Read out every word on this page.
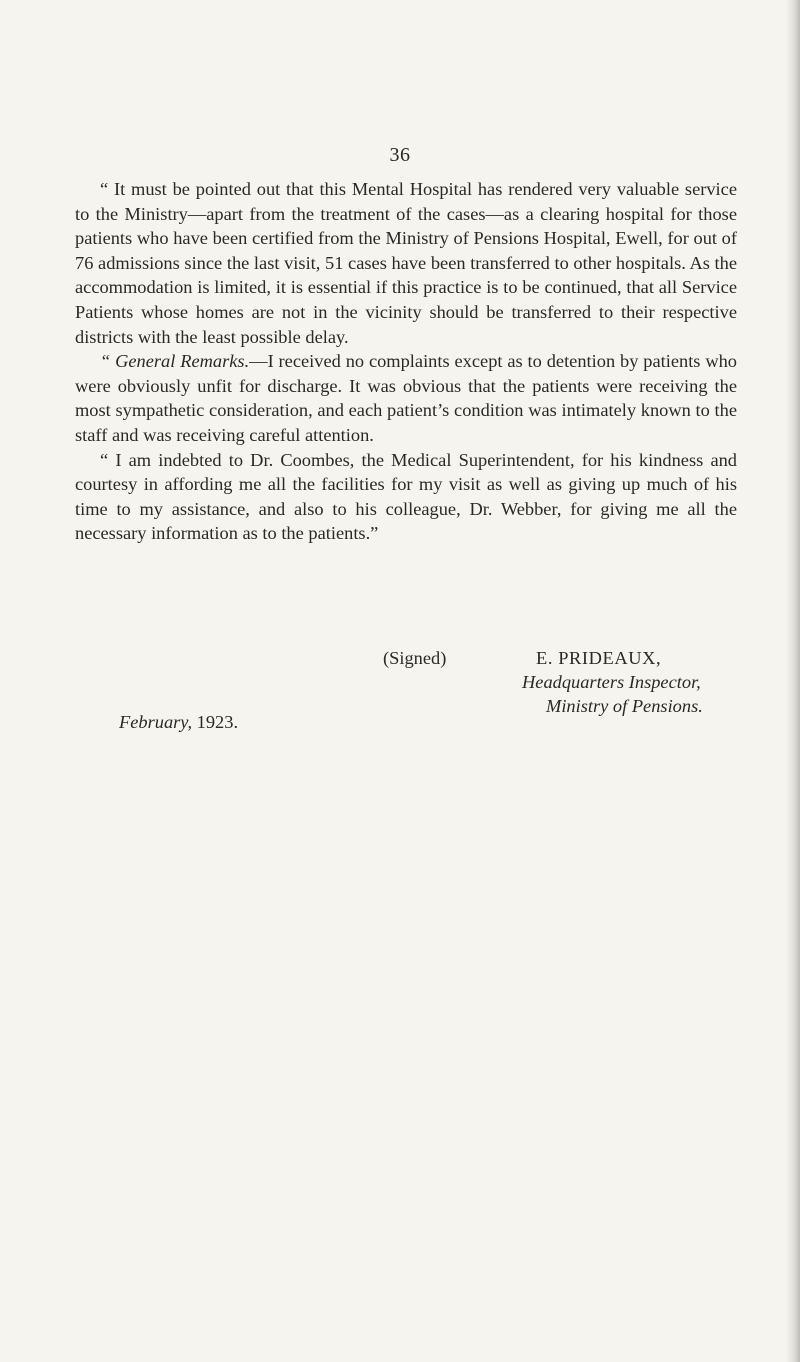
36

“ It must be pointed out that this Mental Hospital has rendered very valuable service to the Ministry—apart from the treatment of the cases—as a clearing hospital for those patients who have been certified from the Ministry of Pensions Hospital, Ewell, for out of 76 admissions since the last visit, 51 cases have been transferred to other hospitals. As the accommodation is limited, it is essential if this practice is to be continued, that all Service Patients whose homes are not in the vicinity should be transferred to their respective districts with the least possible delay.

“ General Remarks.—I received no complaints except as to detention by patients who were obviously unfit for discharge. It was obvious that the patients were receiving the most sympathetic consideration, and each patient’s condition was intimately known to the staff and was receiving careful attention.

“ I am indebted to Dr. Coombes, the Medical Superintendent, for his kindness and courtesy in affording me all the facilities for my visit as well as giving up much of his time to my assistance, and also to his colleague, Dr. Webber, for giving me all the necessary information as to the patients.”

(Signed)	E. PRIDEAUX,
Headquarters Inspector,
Ministry of Pensions.
February, 1923.
